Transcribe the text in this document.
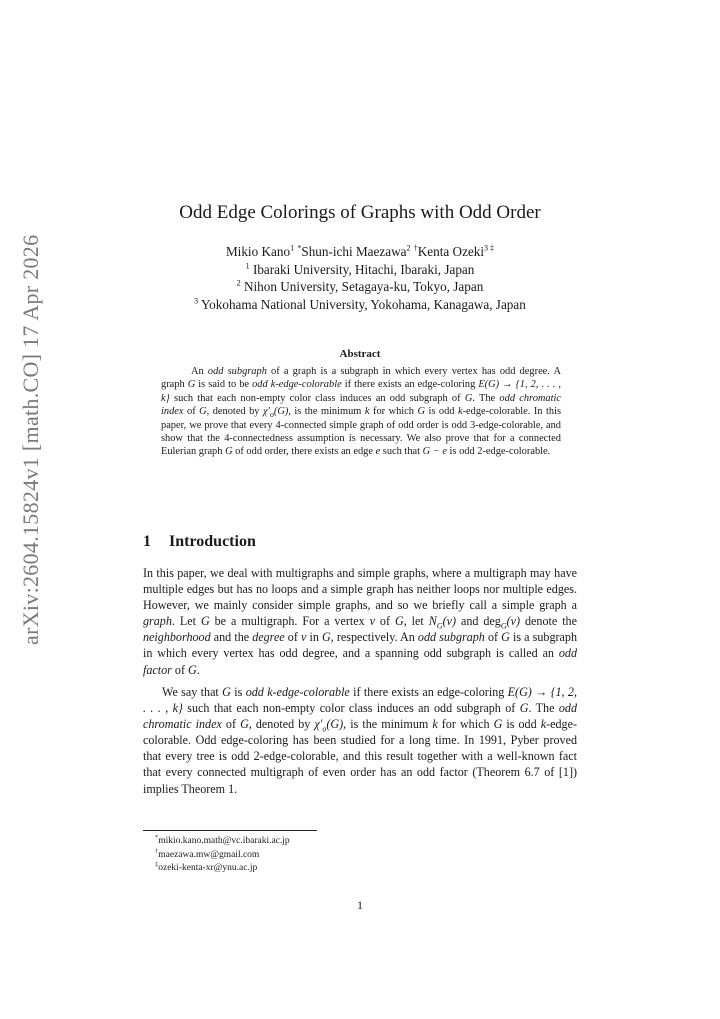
arXiv:2604.15824v1 [math.CO] 17 Apr 2026
Odd Edge Colorings of Graphs with Odd Order
Mikio Kano$^1$ *Shun-ichi Maezawa$^2$ †Kenta Ozeki$^{3 \ddagger}$
$^1$ Ibaraki University, Hitachi, Ibaraki, Japan
$^2$ Nihon University, Setagaya-ku, Tokyo, Japan
$^3$ Yokohama National University, Yokohama, Kanagawa, Japan
Abstract
An odd subgraph of a graph is a subgraph in which every vertex has odd degree. A graph G is said to be odd k-edge-colorable if there exists an edge-coloring E(G) → {1, 2, . . . , k} such that each non-empty color class induces an odd subgraph of G. The odd chromatic index of G, denoted by $\chi'_o(G)$, is the minimum k for which G is odd k-edge-colorable. In this paper, we prove that every 4-connected simple graph of odd order is odd 3-edge-colorable, and show that the 4-connectedness assumption is necessary. We also prove that for a connected Eulerian graph G of odd order, there exists an edge e such that G − e is odd 2-edge-colorable.
1 Introduction
In this paper, we deal with multigraphs and simple graphs, where a multigraph may have multiple edges but has no loops and a simple graph has neither loops nor multiple edges. However, we mainly consider simple graphs, and so we briefly call a simple graph a graph. Let G be a multigraph. For a vertex v of G, let $N_G(v)$ and deg$_G$(v) denote the neighborhood and the degree of v in G, respectively. An odd subgraph of G is a subgraph in which every vertex has odd degree, and a spanning odd subgraph is called an odd factor of G.
We say that G is odd k-edge-colorable if there exists an edge-coloring E(G) → {1, 2, . . . , k} such that each non-empty color class induces an odd subgraph of G. The odd chromatic index of G, denoted by $\chi'_o(G)$, is the minimum k for which G is odd k-edge-colorable. Odd edge-coloring has been studied for a long time. In 1991, Pyber proved that every tree is odd 2-edge-colorable, and this result together with a well-known fact that every connected multigraph of even order has an odd factor (Theorem 6.7 of [1]) implies Theorem 1.
*mikio.kano.math@vc.ibaraki.ac.jp
†maezawa.mw@gmail.com
‡ozeki-kenta-xr@ynu.ac.jp
1
